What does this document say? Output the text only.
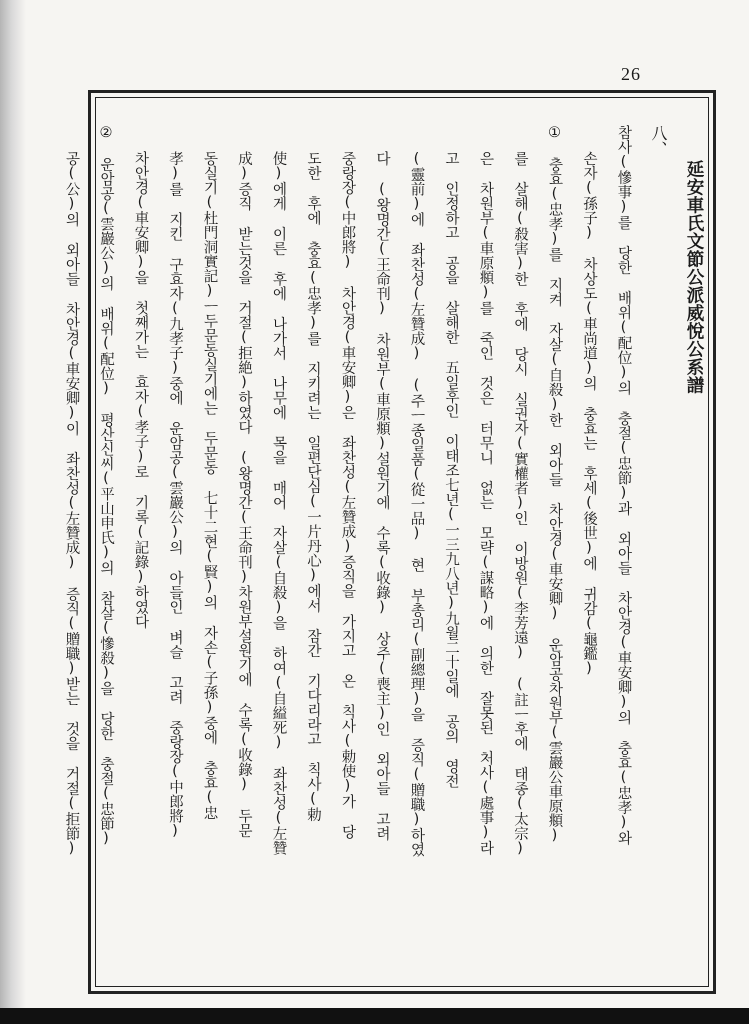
26
延安車氏文節公派威悅公系譜
八、
참사(慘事)를 당한 배위(配位)의 충절(忠節)과 외아들 차안경(車安卿)의 충효(忠孝)와
손자(孫子) 차상도(車尚道)의 충효는 후세(後世)에 귀감(龜鑑)
① 충효(忠孝)를 지켜 자살(自殺)한 외아들 차안경(車安卿) 운암공차원부(雲巖公車原頫)
를 살해(殺害)한 후에 당시 실권자(實權者)인 이방원(李芳遠) (註ㅡ후에 태종(太宗)
은 차원부(車原頫)를 죽인 것은 터무니 없는 모략(謀略)에 의한 잘못된 처사(處事)라
고 인정하고 공을 살해한 五일후인 이태조七년(一三九八년)九월二十일에 공의 영전
(靈前)에 좌찬성(左贊成) (주ㅡ종일품(從一品) 현 부총리(副總理)을 증직(贈職)하였
다 (왕명간(王命刊) 차원부(車原頫)설원기에 수록(收錄) 상주(喪主)인 외아들 고려
중랑장(中郎將) 차안경(車安卿)은 좌찬성(左贊成)증직을 가지고 온 칙사(勅使)가 당
도한 후에 충효(忠孝)를 지키려는 일편단심(一片丹心)에서 잠간 기다리라고 칙사(勅
使)에게 이른 후에 나가서 나무에 목을 매어 자살(自殺)을 하여(自縊死) 좌찬성(左贊
成)증직 받는것을 거절(拒絶)하였다 (왕명간(王命刊)차원부설원기에 수록(收錄) 두문
동실기(杜門洞實記)ㅡ두문동실기에는 두문동 七十二현(賢)의 자손(子孫)중에 충효(忠
孝)를 지킨 구효자(九孝子)중에 운암공(雲巖公)의 아들인 벼슬 고려 중랑장(中郎將)
차안경(車安卿)을 첫째가는 효자(孝子)로 기록(記錄)하였다
② 운암공(雲巖公)의 배위(配位) 평산신씨(平山申氏)의 참살(慘殺)을 당한 충절(忠節)
공(公)의 외아들 차안경(車安卿)이 좌찬성(左贊成) 증직(贈職)받는 것을 거절(拒節)
